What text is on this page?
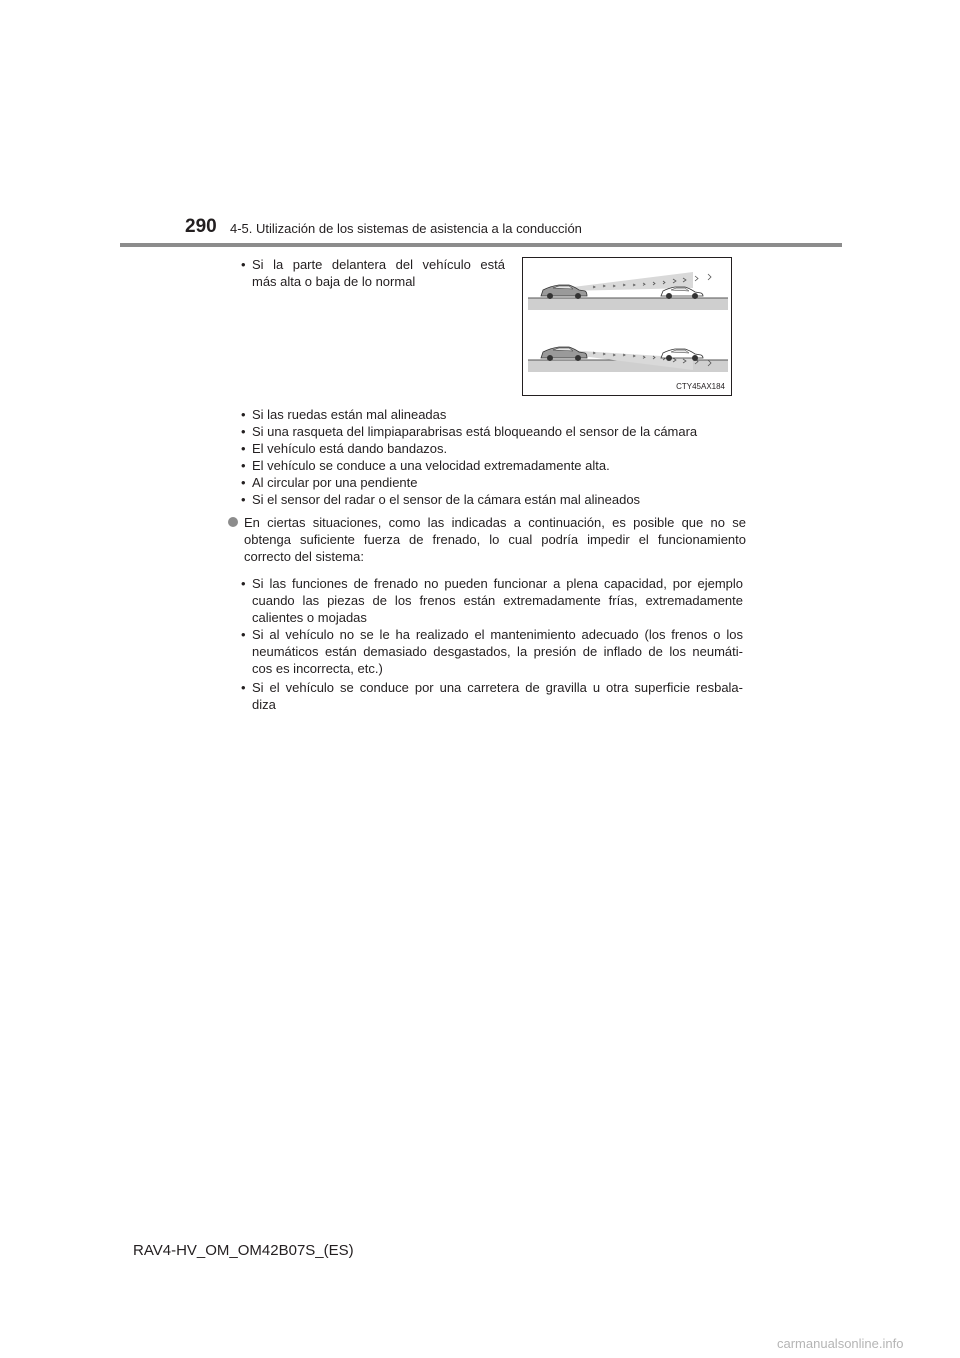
290 4-5. Utilización de los sistemas de asistencia a la conducción
• Si la parte delantera del vehículo está
más alta o baja de lo normal
CTY45AX184
• Si las ruedas están mal alineadas
• Si una rasqueta del limpiaparabrisas está bloqueando el sensor de la cámara
• El vehículo está dando bandazos.
• El vehículo se conduce a una velocidad extremadamente alta.
• Al circular por una pendiente
• Si el sensor del radar o el sensor de la cámara están mal alineados
En ciertas situaciones, como las indicadas a continuación, es posible que no se
obtenga suficiente fuerza de frenado, lo cual podría impedir el funcionamiento
correcto del sistema:
• Si las funciones de frenado no pueden funcionar a plena capacidad, por ejemplo
cuando las piezas de los frenos están extremadamente frías, extremadamente
calientes o mojadas
• Si al vehículo no se le ha realizado el mantenimiento adecuado (los frenos o los
neumáticos están demasiado desgastados, la presión de inflado de los neumáti-
cos es incorrecta, etc.)
• Si el vehículo se conduce por una carretera de gravilla u otra superficie resbala-
diza
RAV4-HV_OM_OM42B07S_(ES)
carmanualsonline.info
